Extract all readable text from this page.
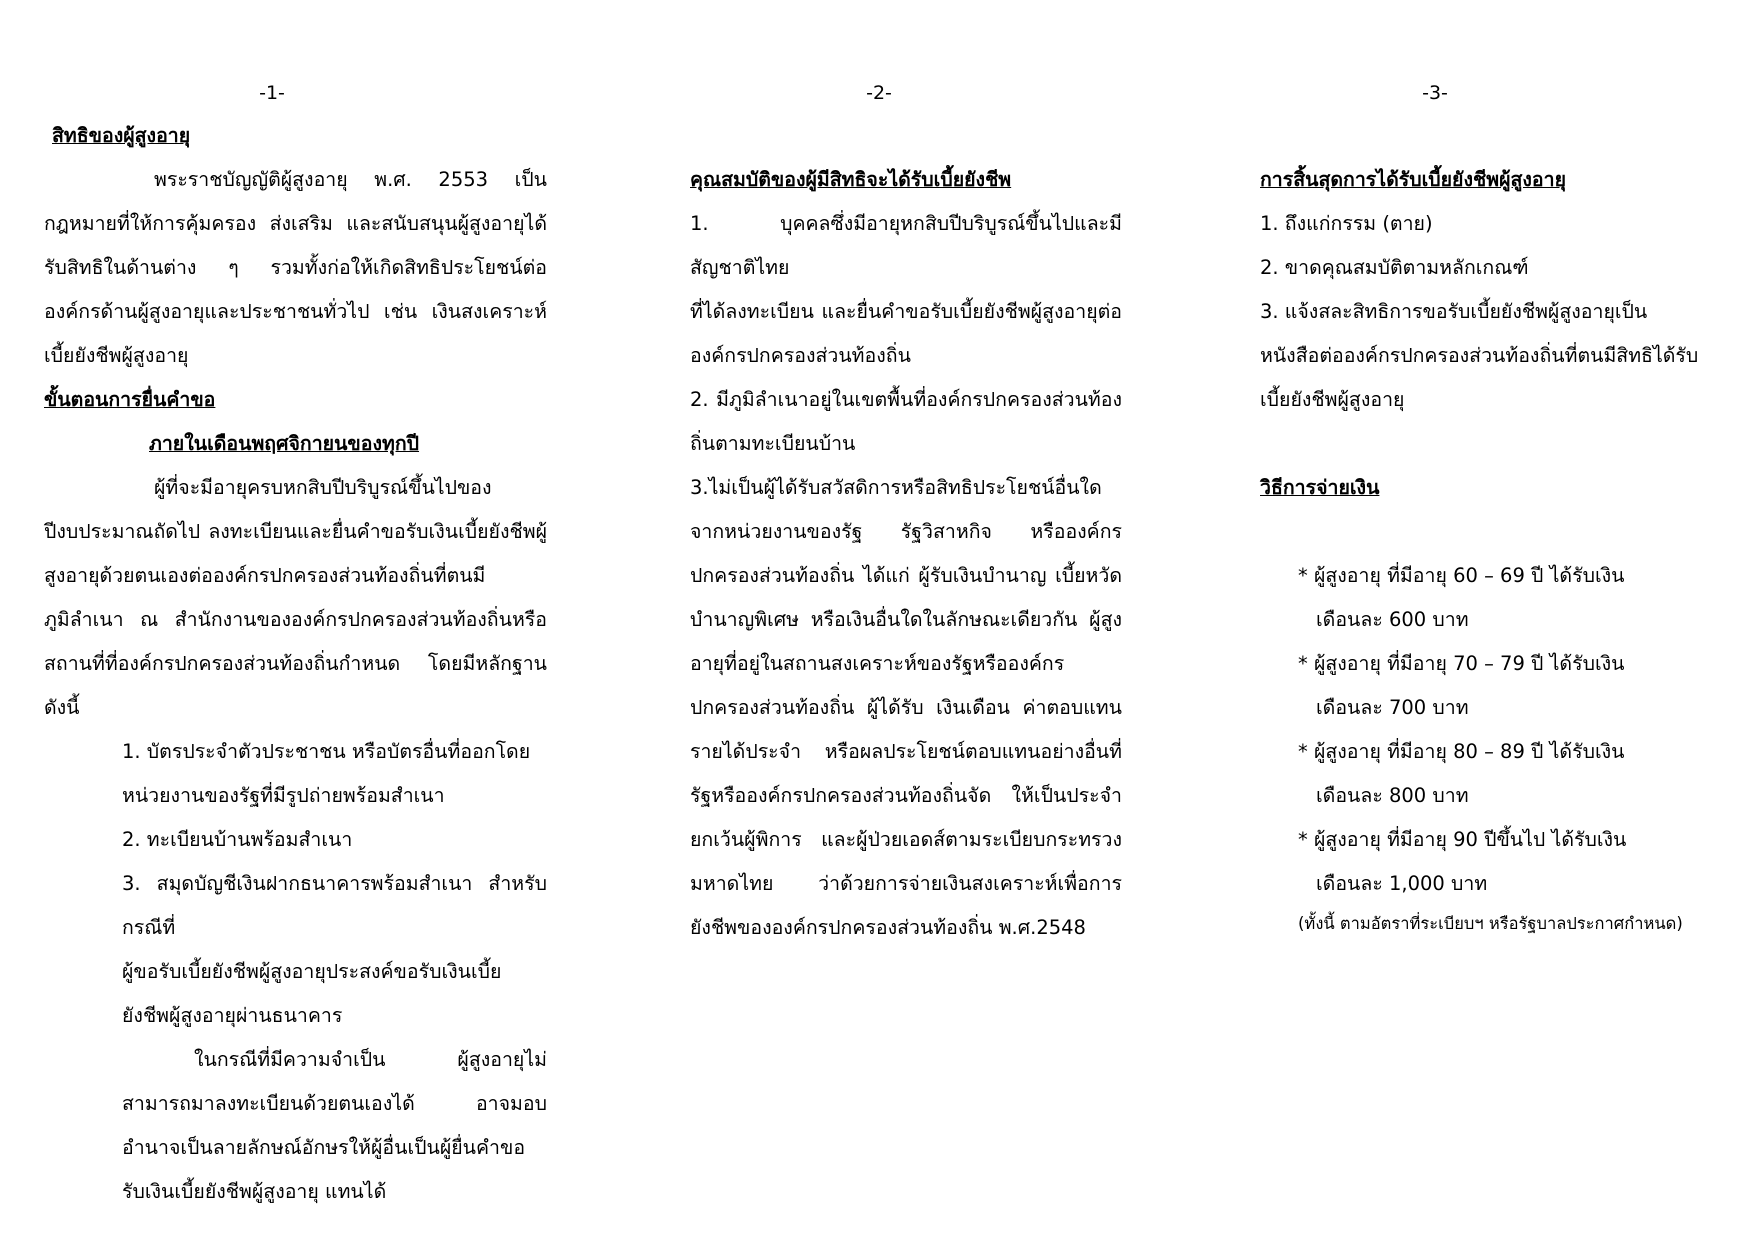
-1-	-2-	-3-

สิทธิของผู้สูงอายุ

พระราชบัญญัติผู้สูงอายุ พ.ศ. 2553 เป็นกฎหมายที่ให้การคุ้มครอง ส่งเสริม และสนับสนุนผู้สูงอายุได้รับสิทธิในด้านต่าง ๆ รวมทั้งก่อให้เกิดสิทธิประโยชน์ต่อองค์กรด้านผู้สูงอายุและประชาชนทั่วไป เช่น เงินสงเคราะห์เบี้ยยังชีพผู้สูงอายุ

ขั้นตอนการยื่นคำขอ

ภายในเดือนพฤศจิกายนของทุกปี

ผู้ที่จะมีอายุครบหกสิบปีบริบูรณ์ขึ้นไปของปีงบประมาณถัดไป ลงทะเบียนและยื่นคำขอรับเงินเบี้ยยังชีพผู้สูงอายุด้วยตนเองต่อองค์กรปกครองส่วนท้องถิ่นที่ตนมีภูมิลำเนา ณ สำนักงานขององค์กรปกครองส่วนท้องถิ่นหรือสถานที่ที่องค์กรปกครองส่วนท้องถิ่นกำหนด โดยมีหลักฐานดังนี้

1. บัตรประจำตัวประชาชน หรือบัตรอื่นที่ออกโดยหน่วยงานของรัฐที่มีรูปถ่ายพร้อมสำเนา

2. ทะเบียนบ้านพร้อมสำเนา

3. สมุดบัญชีเงินฝากธนาคารพร้อมสำเนา สำหรับกรณีที่

ผู้ขอรับเบี้ยยังชีพผู้สูงอายุประสงค์ขอรับเงินเบี้ยยังชีพผู้สูงอายุผ่านธนาคาร

ในกรณีที่มีความจำเป็น ผู้สูงอายุไม่สามารถมาลงทะเบียนด้วยตนเองได้ อาจมอบอำนาจเป็นลายลักษณ์อักษรให้ผู้อื่นเป็นผู้ยื่นคำขอรับเงินเบี้ยยังชีพผู้สูงอายุ แทนได้

คุณสมบัติของผู้มีสิทธิจะได้รับเบี้ยยังชีพ

1. บุคคลซึ่งมีอายุหกสิบปีบริบูรณ์ขึ้นไปและมีสัญชาติไทย

ที่ได้ลงทะเบียน และยื่นคำขอรับเบี้ยยังชีพผู้สูงอายุต่อองค์กรปกครองส่วนท้องถิ่น

2. มีภูมิลำเนาอยู่ในเขตพื้นที่องค์กรปกครองส่วนท้องถิ่นตามทะเบียนบ้าน

3.ไม่เป็นผู้ได้รับสวัสดิการหรือสิทธิประโยชน์อื่นใดจากหน่วยงานของรัฐ รัฐวิสาหกิจ หรือองค์กรปกครองส่วนท้องถิ่น ได้แก่ ผู้รับเงินบำนาญ เบี้ยหวัด บำนาญพิเศษ หรือเงินอื่นใดในลักษณะเดียวกัน ผู้สูงอายุที่อยู่ในสถานสงเคราะห์ของรัฐหรือองค์กรปกครองส่วนท้องถิ่น ผู้ได้รับ เงินเดือน ค่าตอบแทน รายได้ประจำ หรือผลประโยชน์ตอบแทนอย่างอื่นที่รัฐหรือองค์กรปกครองส่วนท้องถิ่นจัด ให้เป็นประจำยกเว้นผู้พิการ และผู้ป่วยเอดส์ตามระเบียบกระทรวงมหาดไทย ว่าด้วยการจ่ายเงินสงเคราะห์เพื่อการยังชีพขององค์กรปกครองส่วนท้องถิ่น พ.ศ.2548

การสิ้นสุดการได้รับเบี้ยยังชีพผู้สูงอายุ

1. ถึงแก่กรรม (ตาย)

2. ขาดคุณสมบัติตามหลักเกณฑ์

3. แจ้งสละสิทธิการขอรับเบี้ยยังชีพผู้สูงอายุเป็นหนังสือต่อองค์กรปกครองส่วนท้องถิ่นที่ตนมีสิทธิได้รับเบี้ยยังชีพผู้สูงอายุ

วิธีการจ่ายเงิน

* ผู้สูงอายุ ที่มีอายุ 60 – 69 ปี ได้รับเงิน

เดือนละ 600 บาท

* ผู้สูงอายุ ที่มีอายุ 70 – 79 ปี ได้รับเงิน

เดือนละ 700 บาท

* ผู้สูงอายุ ที่มีอายุ 80 – 89 ปี ได้รับเงิน

เดือนละ 800 บาท

* ผู้สูงอายุ ที่มีอายุ 90 ปีขึ้นไป ได้รับเงิน

เดือนละ 1,000 บาท

(ทั้งนี้ ตามอัตราที่ระเบียบฯ หรือรัฐบาลประกาศกำหนด)
